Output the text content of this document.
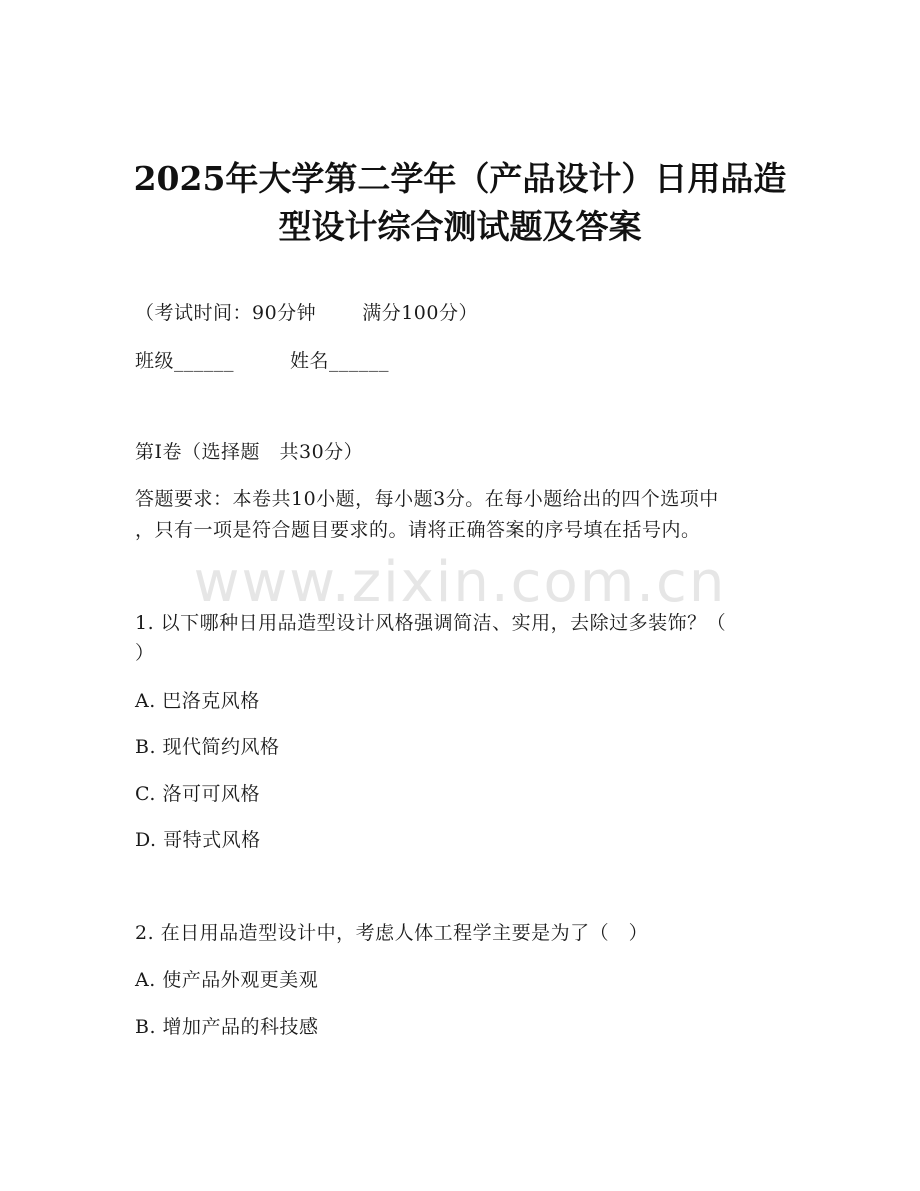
2025年大学第二学年（产品设计）日用品造
型设计综合测试题及答案
（考试时间：90分钟 满分100分）
班级______	姓名______
第Ⅰ卷（选择题　共30分）
答题要求：本卷共10小题，每小题3分。在每小题给出的四个选项中
，只有一项是符合题目要求的。请将正确答案的序号填在括号内。
www.zixin.com.cn
1. 以下哪种日用品造型设计风格强调简洁、实用，去除过多装饰？（
）
A. 巴洛克风格
B. 现代简约风格
C. 洛可可风格
D. 哥特式风格
2. 在日用品造型设计中，考虑人体工程学主要是为了（　）
A. 使产品外观更美观
B. 增加产品的科技感
